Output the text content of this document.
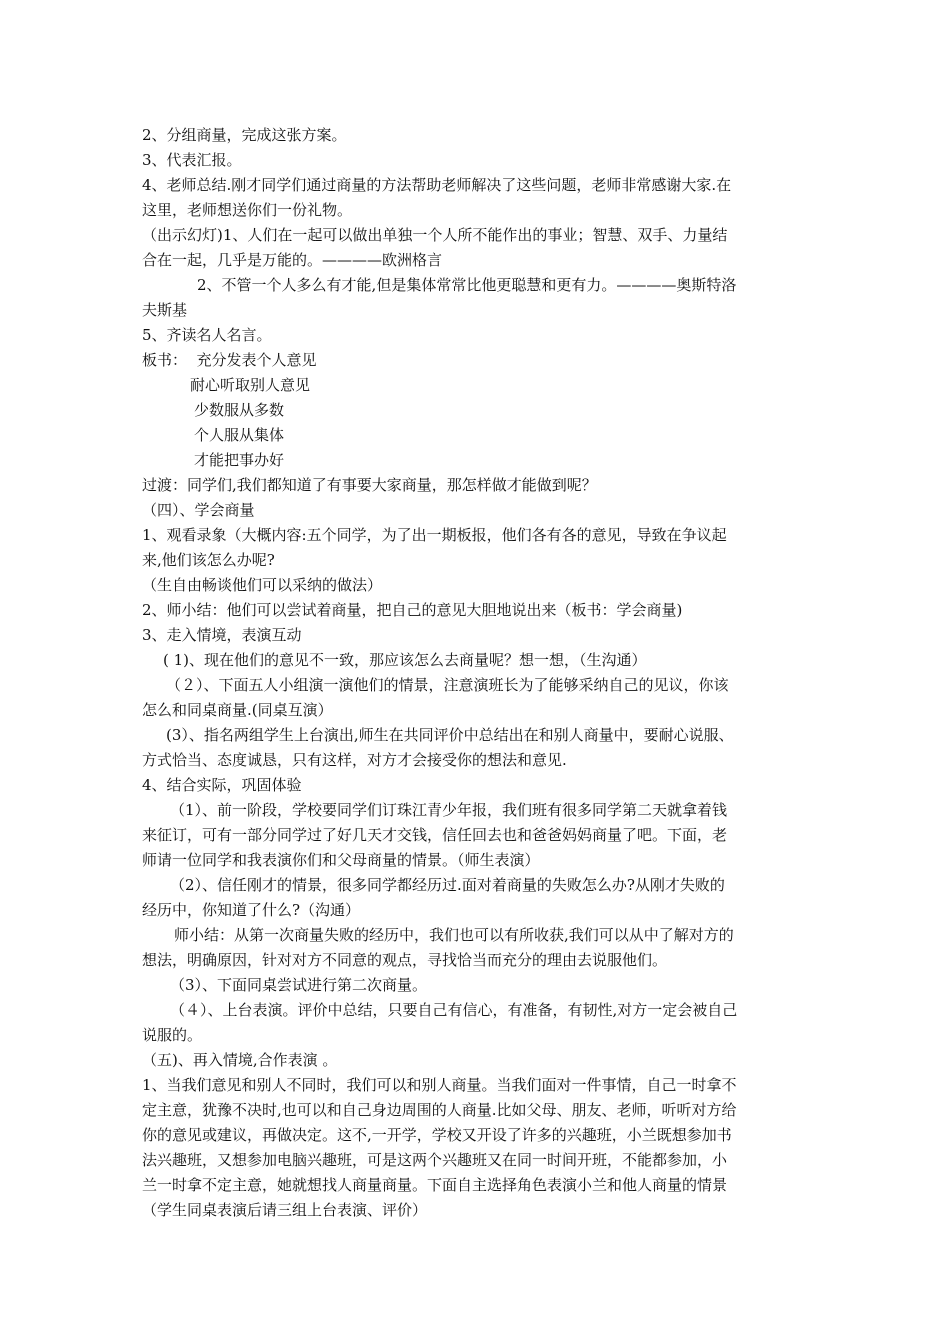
2、分组商量，完成这张方案。
3、代表汇报。
4、老师总结.刚才同学们通过商量的方法帮助老师解决了这些问题，老师非常感谢大家.在
这里，老师想送你们一份礼物。
（出示幻灯)1、人们在一起可以做出单独一个人所不能作出的事业；智慧、双手、力量结
合在一起，几乎是万能的。————欧洲格言
2、不管一个人多么有才能,但是集体常常比他更聪慧和更有力。————奥斯特洛
夫斯基
5、齐读名人名言。
板书：  充分发表个人意见
耐心听取别人意见
少数服从多数
个人服从集体
才能把事办好
过渡：同学们,我们都知道了有事要大家商量，那怎样做才能做到呢？
（四）、学会商量
1、观看录象（大概内容:五个同学，为了出一期板报，他们各有各的意见，导致在争议起
来,他们该怎么办呢?
（生自由畅谈他们可以采纳的做法）
2、师小结：他们可以尝试着商量，把自己的意见大胆地说出来（板书：学会商量)
3、走入情境，表演互动
( 1)、现在他们的意见不一致，那应该怎么去商量呢？想一想，（生沟通）
（２）、下面五人小组演一演他们的情景，注意演班长为了能够采纳自己的见议，你该
怎么和同桌商量.(同桌互演）
(3）、指名两组学生上台演出,师生在共同评价中总结出在和别人商量中，要耐心说服、
方式恰当、态度诚恳，只有这样，对方才会接受你的想法和意见.
4、结合实际，巩固体验
（1）、前一阶段，学校要同学们订珠江青少年报，我们班有很多同学第二天就拿着钱
来征订，可有一部分同学过了好几天才交钱，信任回去也和爸爸妈妈商量了吧。下面，老
师请一位同学和我表演你们和父母商量的情景。（师生表演）
（2）、信任刚才的情景，很多同学都经历过.面对着商量的失败怎么办?从刚才失败的
经历中，你知道了什么?（沟通）
师小结：从第一次商量失败的经历中，我们也可以有所收获,我们可以从中了解对方的
想法，明确原因，针对对方不同意的观点，寻找恰当而充分的理由去说服他们。
（3）、下面同桌尝试进行第二次商量。
（４）、上台表演。评价中总结，只要自己有信心，有准备，有韧性,对方一定会被自己
说服的。
（五)、再入情境,合作表演 。
1、当我们意见和别人不同时，我们可以和别人商量。当我们面对一件事情，自己一时拿不
定主意，犹豫不决时,也可以和自己身边周围的人商量.比如父母、朋友、老师，听听对方给
你的意见或建议，再做决定。这不,一开学，学校又开设了许多的兴趣班，小兰既想参加书
法兴趣班，又想参加电脑兴趣班，可是这两个兴趣班又在同一时间开班，不能都参加，小
兰一时拿不定主意，她就想找人商量商量。下面自主选择角色表演小兰和他人商量的情景
（学生同桌表演后请三组上台表演、评价）
